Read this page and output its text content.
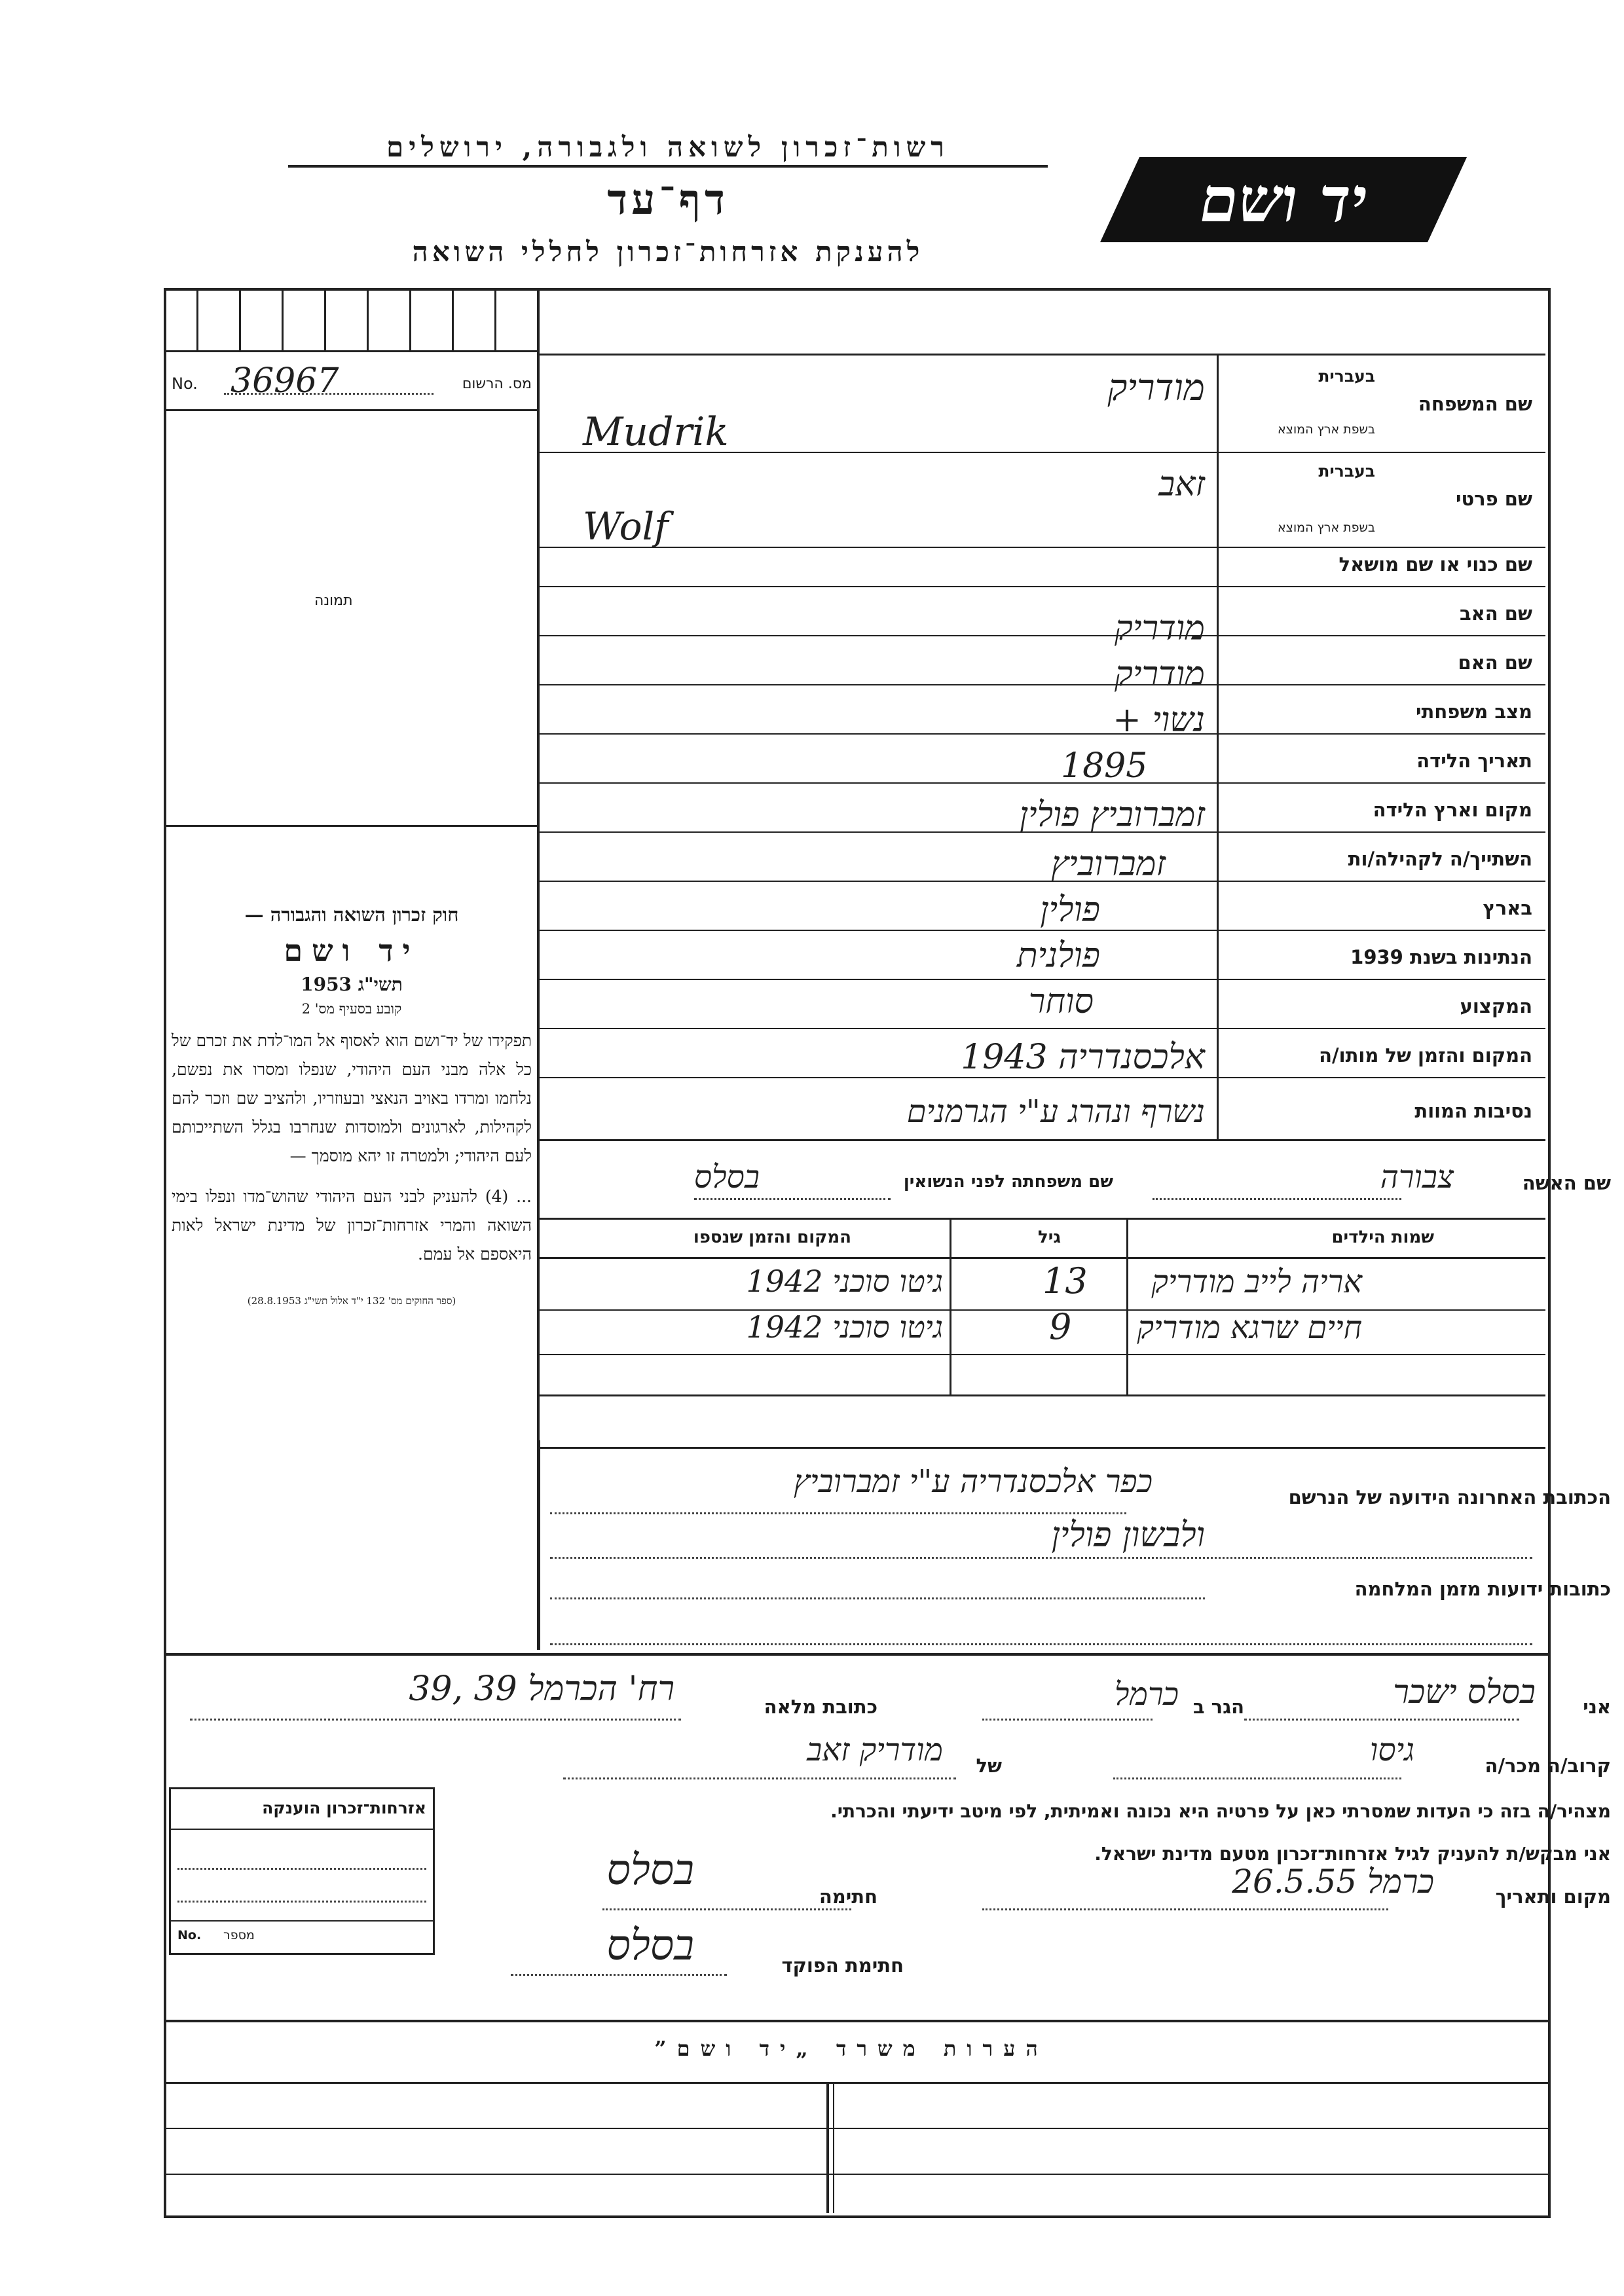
רשות־זכרון לשואה ולגבורה, ירושלים
דף־עד
להענקת אזרחות־זכרון לחללי השואה
יד ושם
No. 36967	מס. הרשום
תמונה
חוק זכרון השואה והגבורה —
יד ושם
תשי"ג 1953
קובע בסעיף מס' 2
תפקידו של יד־ושם הוא לאסוף אל המו־לדת את זכרם של כל אלה מבני העם היהודי, שנפלו ומסרו את נפשם, נלחמו ומרדו באויב הנאצי ובעוזריו, ולהציב שם וזכר להם לקהילות, לארגונים ולמוסדות שנחרבו בגלל השתייכותם לעם היהודי; ולמטרה זו יהא מוסמך —
... (4) להעניק לבני העם היהודי שהוש־מדו ונפלו בימי השואה והמרי אזרחות־זכרון של מדינת ישראל לאות היאספם אל עמם.
(ספר החוקים מס' 132 י"ד אלול תשי"ג 28.8.1953)
שם המשפחה
בעברית
בשפת ארץ המוצא
מודריק
Mudrik
שם פרטי
בעברית
בשפת ארץ המוצא
זאב
Wolf
שם כנוי או שם מושאל
שם האב
מודריק
שם האם
מודריק
מצב משפחתי
נשוי +
תאריך הלידה
1895
מקום וארץ הלידה
זמברוביץ פולין
השתייך/ה לקהילה/ות
זמברוביץ
בארץ
פולין
הנתינות בשנת 1939
פולנית
המקצוע
סוחר
המקום והזמן של מותו/ה
אלכסנדריה 1943
נסיבות המוות
נשרף ונהרג ע"י הגרמנים
שם האשה
צבורה
שם משפחתה לפני הנשואין
בסלס
שמות הילדים
גיל
המקום והזמן שנספו
אריה לייב מודריק
13
גיטו סוכני 1942
חיים שרגא מודריק
9
גיטו סוכני 1942
הכתובת האחרונה הידועה של הנרשם
כפר אלכסנדריה ע"י זמברוביץ
ולבשון פולין
כתובות ידועות מזמן המלחמה
אני
בסלס ישכר
הגר ב
כרמל
כתובת מלאה
רח' הכרמל 39 ,39
קרוב/ה מכר/ה
גיסו
של
מודריק זאב
מצהיר/ה בזה כי העדות שמסרתי כאן על פרטיה היא נכונה ואמיתית, לפי מיטב ידיעתי והכרתי.
אני מבקש/ת להעניק לגיל אזרחות־זכרון מטעם מדינת ישראל.
מקום ותאריך
כרמל 26.5.55
חתימה
בסלס
חתימת הפוקד
בסלס
אזרחות־זכרון הוענקה
No. מספר
הערות משרד „יד ושם”
